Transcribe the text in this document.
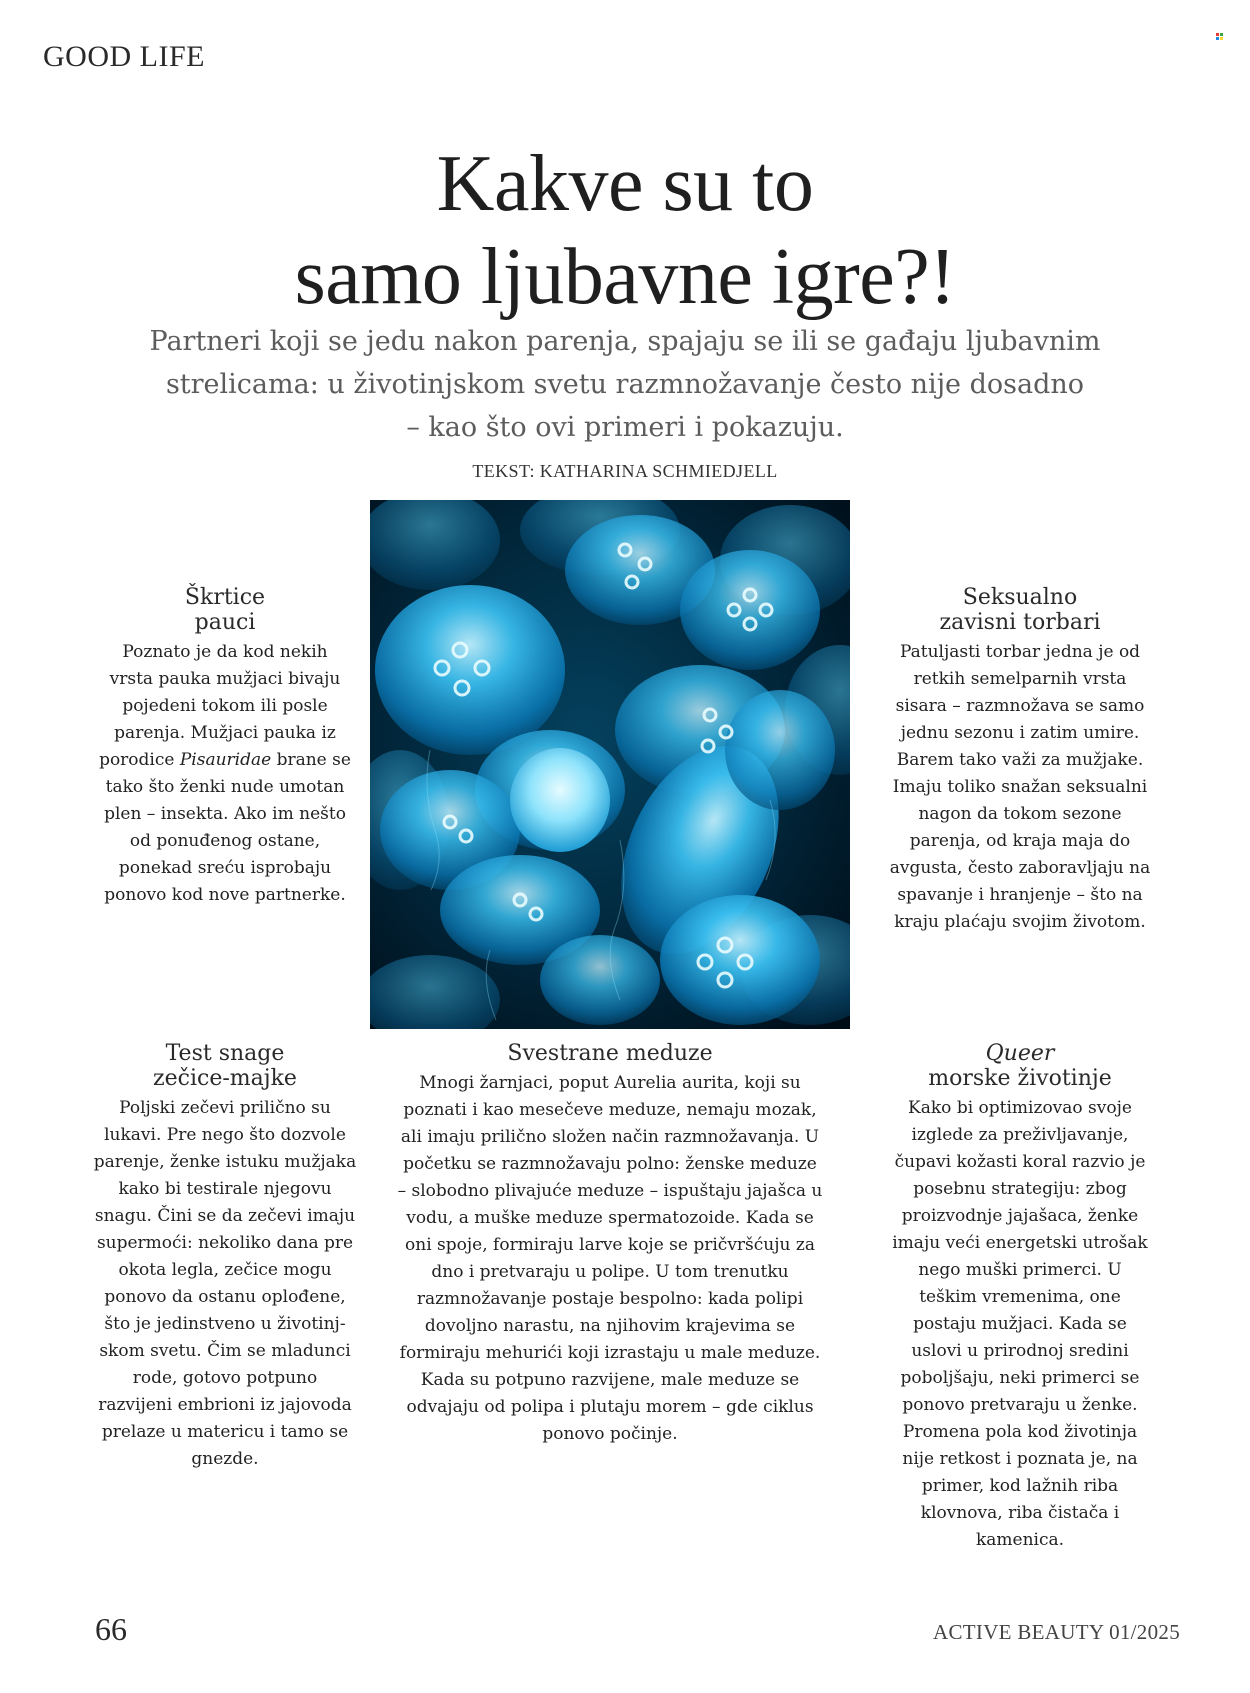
GOOD LIFE
Kakve su to
samo ljubavne igre?!
Partneri koji se jedu nakon parenja, spajaju se ili se gađaju ljubavnim
strelicama: u životinjskom svetu razmnožavanje često nije dosadno
– kao što ovi primeri i pokazuju.
TEKST: KATHARINA SCHMIEDJELL
Škrtice
pauci
Poznato je da kod nekih
vrsta pauka mužjaci bivaju
pojedeni tokom ili posle
parenja. Mužjaci pauka iz
porodice Pisauridae brane se
tako što ženki nude umotan
plen – insekta. Ako im nešto
od ponuđenog ostane,
ponekad sreću isprobaju
ponovo kod nove partnerke.
Seksualno
zavisni torbari
Patuljasti torbar jedna je od
retkih semelparnih vrsta
sisara – razmnožava se samo
jednu sezonu i zatim umire.
Barem tako važi za mužjake.
Imaju toliko snažan seksualni
nagon da tokom sezone
parenja, od kraja maja do
avgusta, često zaboravljaju na
spavanje i hranjenje – što na
kraju plaćaju svojim životom.
Test snage
zečice-majke
Poljski zečevi prilično su
lukavi. Pre nego što dozvole
parenje, ženke istuku mužjaka
kako bi testirale njegovu
snagu. Čini se da zečevi imaju
supermoći: nekoliko dana pre
okota legla, zečice mogu
ponovo da ostanu oplođene,
što je jedinstveno u životinj-
skom svetu. Čim se mladunci
rode, gotovo potpuno
razvijeni embrioni iz jajovoda
prelaze u matericu i tamo se
gnezde.
Svestrane meduze
Mnogi žarnjaci, poput Aurelia aurita, koji su
poznati i kao mesečeve meduze, nemaju mozak,
ali imaju prilično složen način razmnožavanja. U
početku se razmnožavaju polno: ženske meduze
– slobodno plivajuće meduze – ispuštaju jajašca u
vodu, a muške meduze spermatozoide. Kada se
oni spoje, formiraju larve koje se pričvršćuju za
dno i pretvaraju u polipe. U tom trenutku
razmnožavanje postaje bespolno: kada polipi
dovoljno narastu, na njihovim krajevima se
formiraju mehurići koji izrastaju u male meduze.
Kada su potpuno razvijene, male meduze se
odvajaju od polipa i plutaju morem – gde ciklus
ponovo počinje.
Queer
morske životinje
Kako bi optimizovao svoje
izglede za preživljavanje,
čupavi kožasti koral razvio je
posebnu strategiju: zbog
proizvodnje jajašaca, ženke
imaju veći energetski utrošak
nego muški primerci. U
teškim vremenima, one
postaju mužjaci. Kada se
uslovi u prirodnoj sredini
poboljšaju, neki primerci se
ponovo pretvaraju u ženke.
Promena pola kod životinja
nije retkost i poznata je, na
primer, kod lažnih riba
klovnova, riba čistača i
kamenica.
66	ACTIVE BEAUTY 01/2025
